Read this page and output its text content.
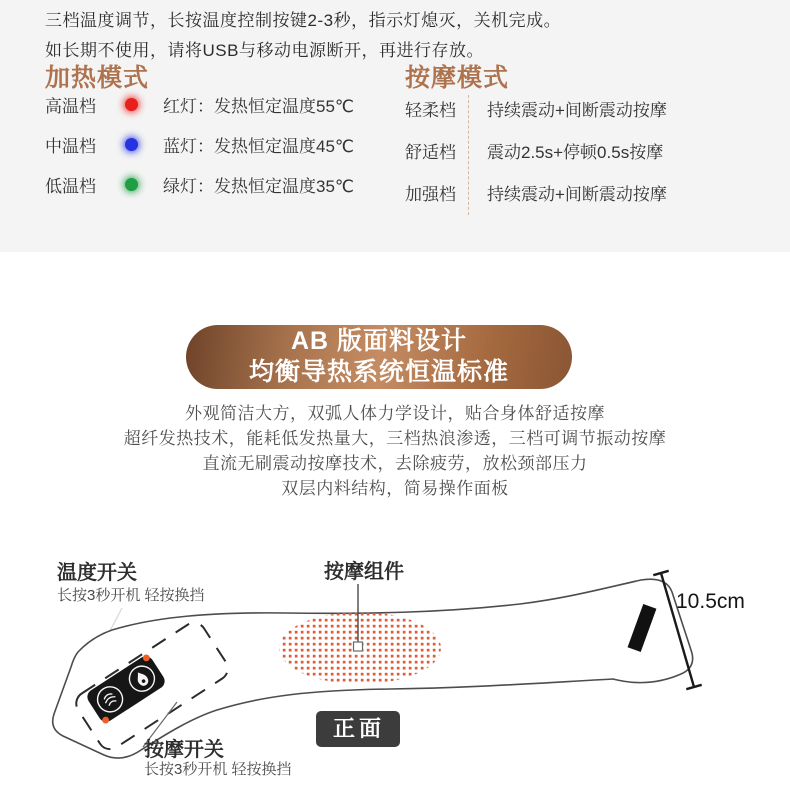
三档温度调节，长按温度控制按键2-3秒，指示灯熄灭，关机完成。

如长期不使用，请将USB与移动电源断开，再进行存放。

加热模式
高温档	红灯：发热恒定温度55℃
中温档	蓝灯：发热恒定温度45℃
低温档	绿灯：发热恒定温度35℃
按摩模式
轻柔档	持续震动+间断震动按摩
舒适档	震动2.5s+停顿0.5s按摩
加强档	持续震动+间断震动按摩
AB 版面料设计
均衡导热系统恒温标准

外观简洁大方，双弧人体力学设计，贴合身体舒适按摩

超纤发热技术，能耗低发热量大，三档热浪渗透，三档可调节振动按摩

直流无刷震动按摩技术，去除疲劳，放松颈部压力

双层内料结构，简易操作面板

10.5cm
温度开关
长按3秒开机 轻按换挡
按摩组件
正面
按摩开关
长按3秒开机 轻按换挡
